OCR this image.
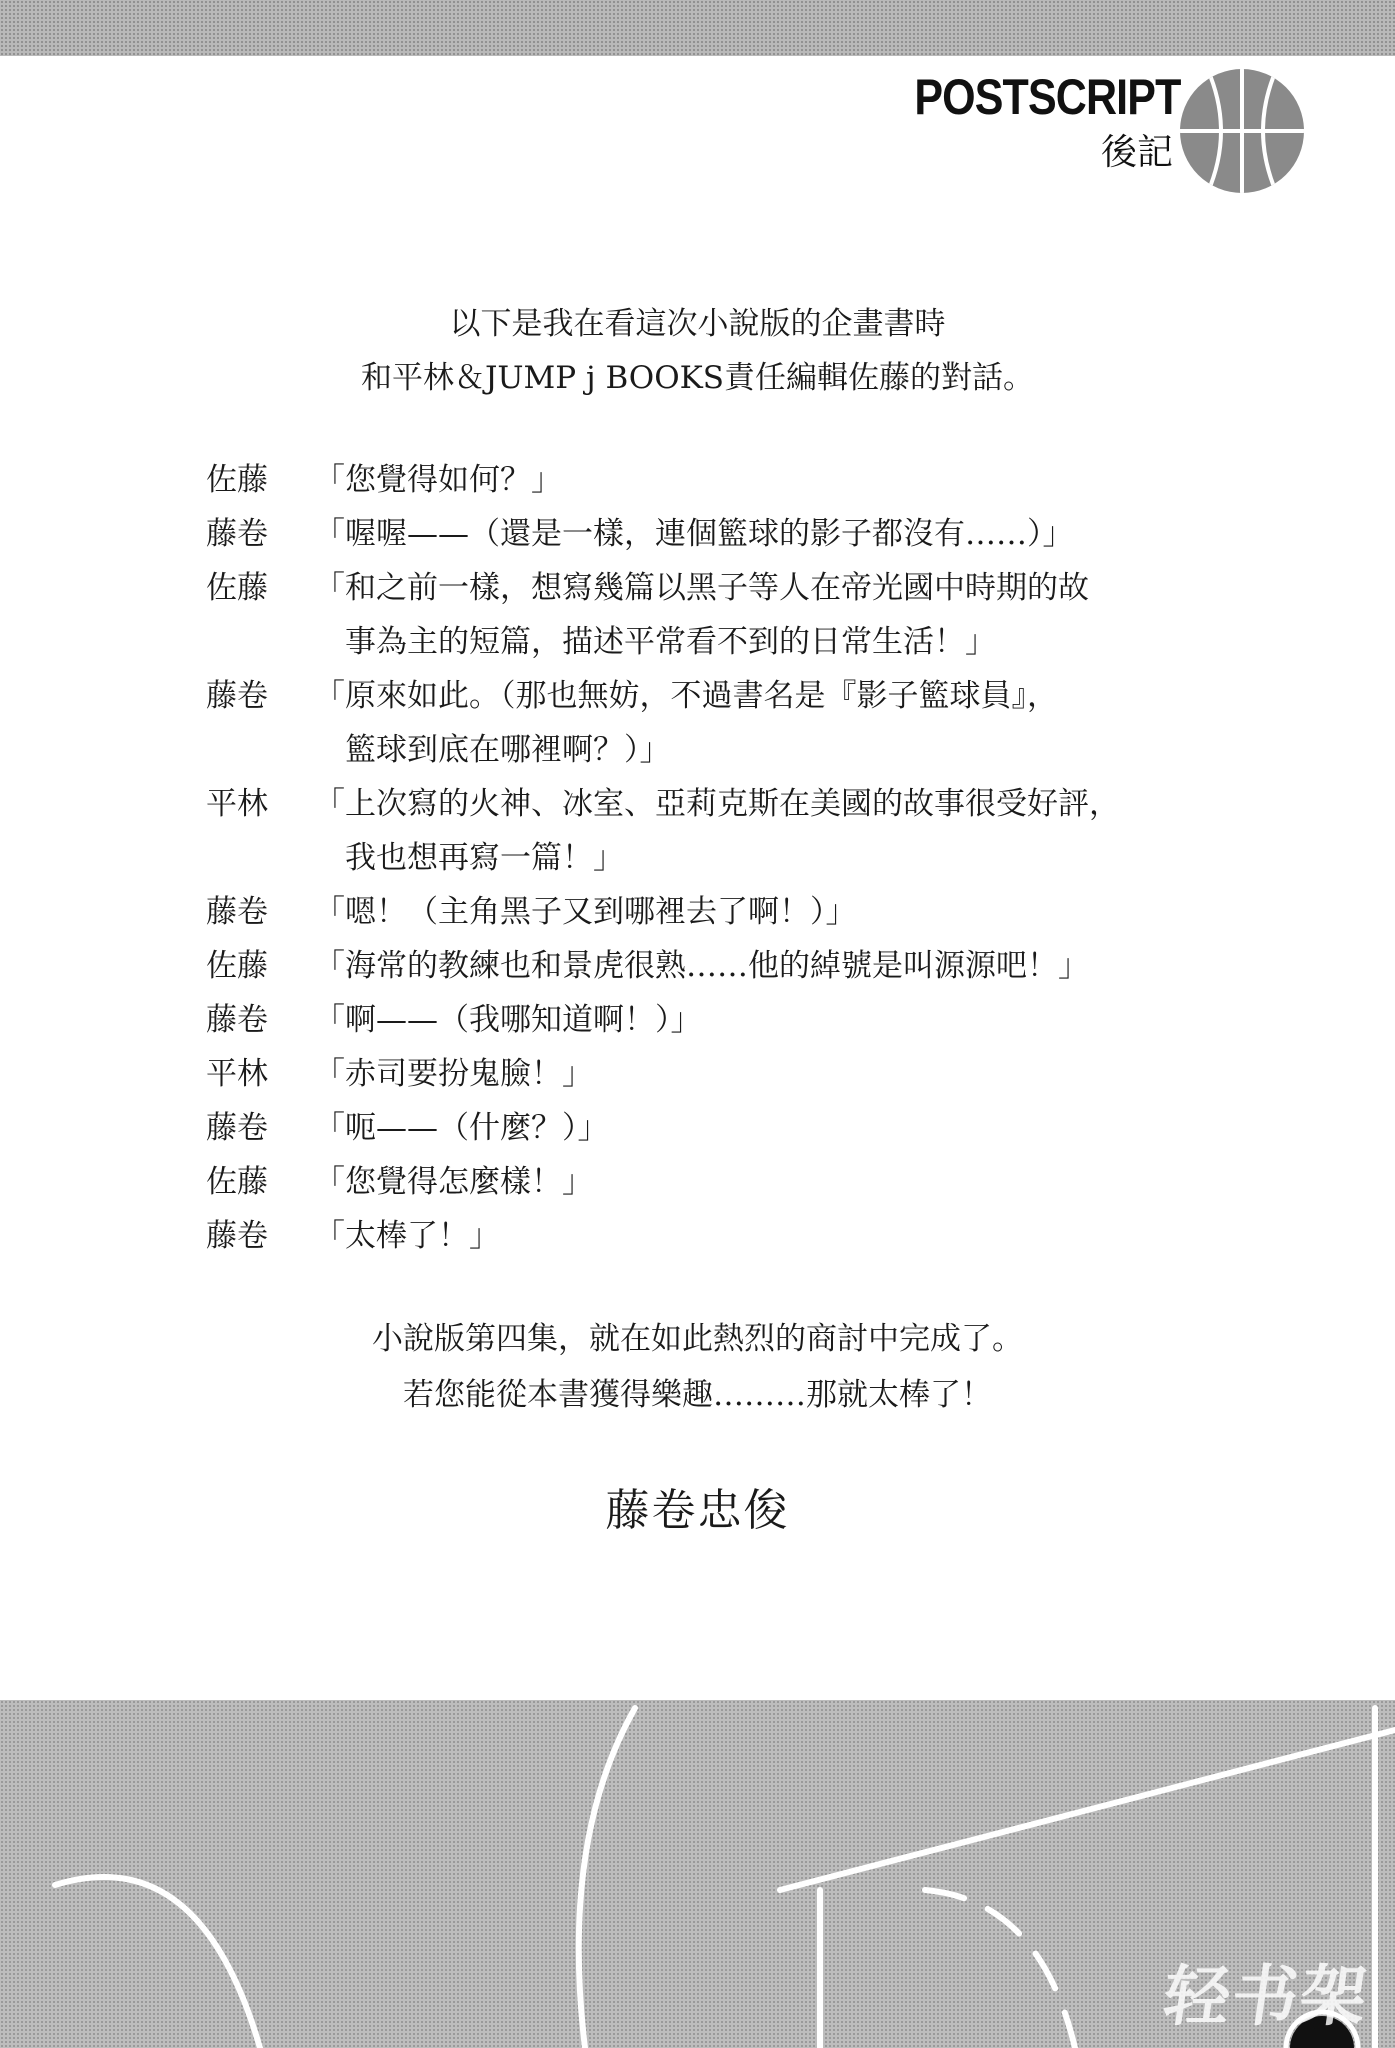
POSTSCRIPT
後記

以下是我在看這次小說版的企畫書時

和平林＆JUMP j BOOKS責任編輯佐藤的對話。

佐藤	「您覺得如何？」
藤卷	「喔喔——（還是一樣，連個籃球的影子都沒有……）」
佐藤	「和之前一樣，想寫幾篇以黑子等人在帝光國中時期的故
　事為主的短篇，描述平常看不到的日常生活！」
藤卷	「原來如此。（那也無妨，不過書名是『影子籃球員』，
　籃球到底在哪裡啊？）」
平林	「上次寫的火神、冰室、亞莉克斯在美國的故事很受好評，
　我也想再寫一篇！」
藤卷	「嗯！（主角黑子又到哪裡去了啊！）」
佐藤	「海常的教練也和景虎很熟……他的綽號是叫源源吧！」
藤卷	「啊——（我哪知道啊！）」
平林	「赤司要扮鬼臉！」
藤卷	「呃——（什麼？）」
佐藤	「您覺得怎麼樣！」
藤卷	「太棒了！」

小說版第四集，就在如此熱烈的商討中完成了。

若您能從本書獲得樂趣………那就太棒了！

藤卷忠俊
轻书架
